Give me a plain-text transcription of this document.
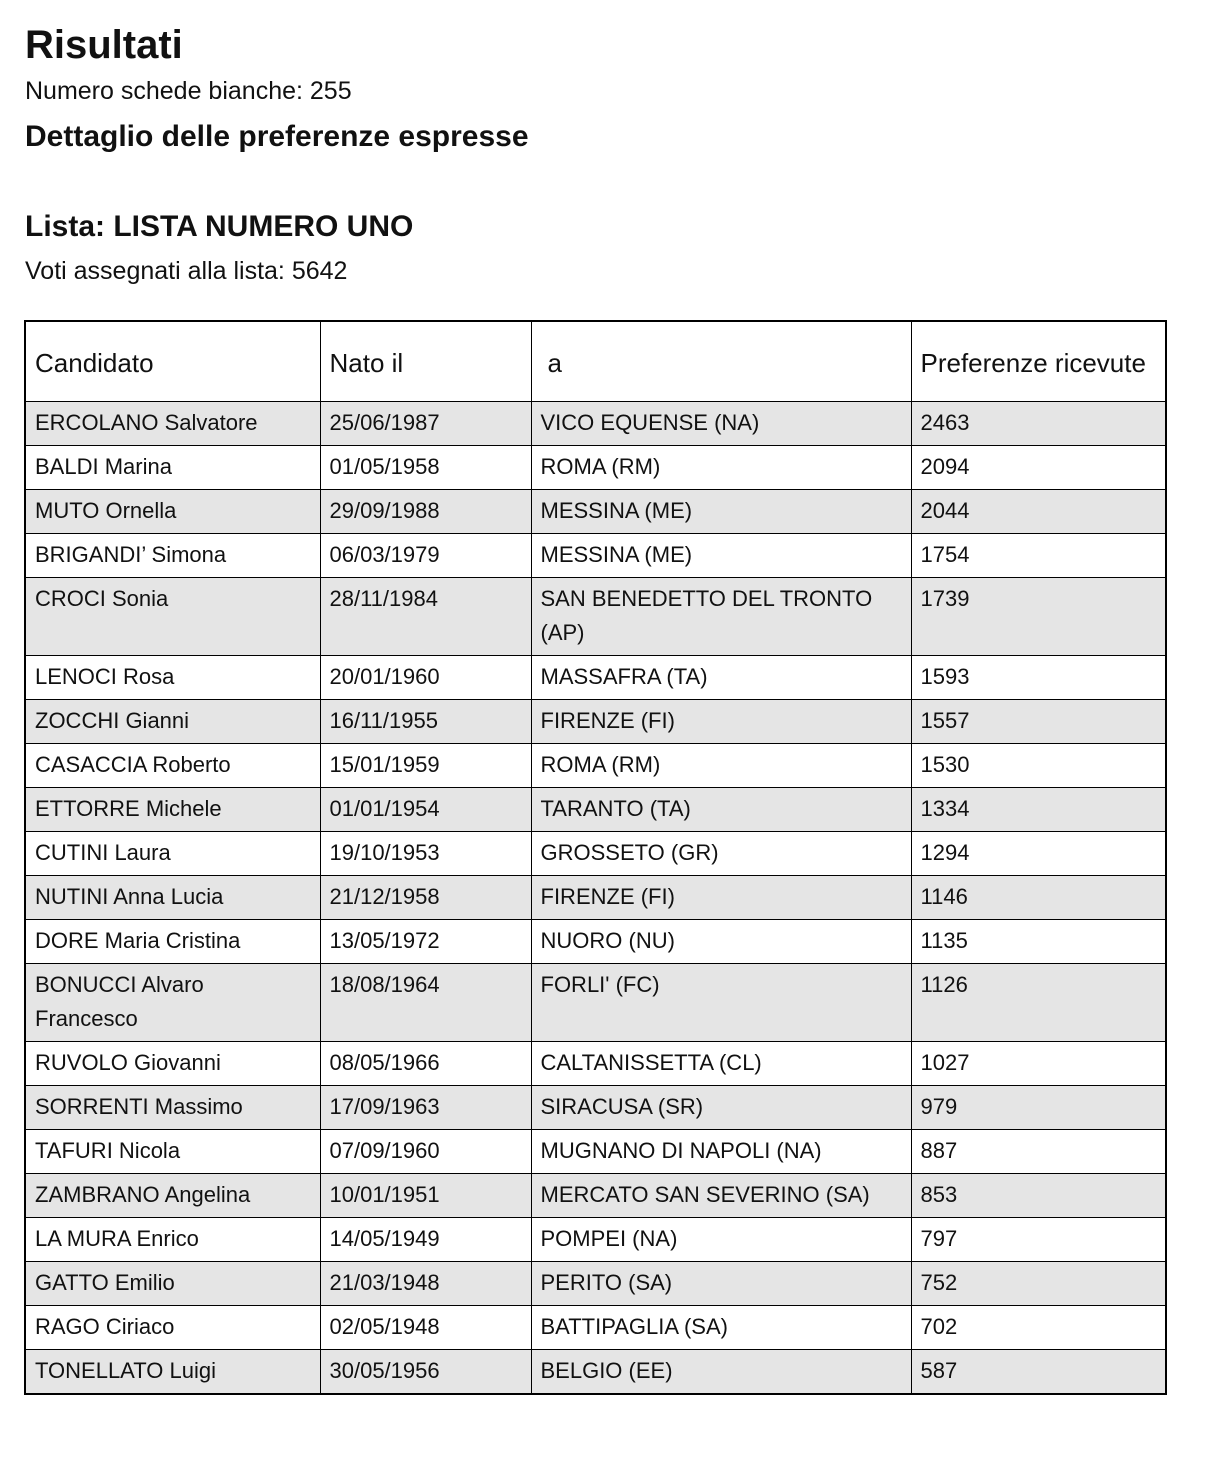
Risultati
Numero schede bianche: 255
Dettaglio delle preferenze espresse
Lista: LISTA NUMERO UNO
Voti assegnati alla lista: 5642
Candidato	Nato il	a	Preferenze ricevute
ERCOLANO Salvatore	25/06/1987	VICO EQUENSE (NA)	2463
BALDI Marina	01/05/1958	ROMA (RM)	2094
MUTO Ornella	29/09/1988	MESSINA (ME)	2044
BRIGANDI’ Simona	06/03/1979	MESSINA (ME)	1754
CROCI Sonia	28/11/1984	SAN BENEDETTO DEL TRONTO (AP)	1739
LENOCI Rosa	20/01/1960	MASSAFRA (TA)	1593
ZOCCHI Gianni	16/11/1955	FIRENZE (FI)	1557
CASACCIA Roberto	15/01/1959	ROMA (RM)	1530
ETTORRE Michele	01/01/1954	TARANTO (TA)	1334
CUTINI Laura	19/10/1953	GROSSETO (GR)	1294
NUTINI Anna Lucia	21/12/1958	FIRENZE (FI)	1146
DORE Maria Cristina	13/05/1972	NUORO (NU)	1135
BONUCCI Alvaro Francesco	18/08/1964	FORLI' (FC)	1126
RUVOLO Giovanni	08/05/1966	CALTANISSETTA (CL)	1027
SORRENTI Massimo	17/09/1963	SIRACUSA (SR)	979
TAFURI Nicola	07/09/1960	MUGNANO DI NAPOLI (NA)	887
ZAMBRANO Angelina	10/01/1951	MERCATO SAN SEVERINO (SA)	853
LA MURA Enrico	14/05/1949	POMPEI (NA)	797
GATTO Emilio	21/03/1948	PERITO (SA)	752
RAGO Ciriaco	02/05/1948	BATTIPAGLIA (SA)	702
TONELLATO Luigi	30/05/1956	BELGIO (EE)	587
